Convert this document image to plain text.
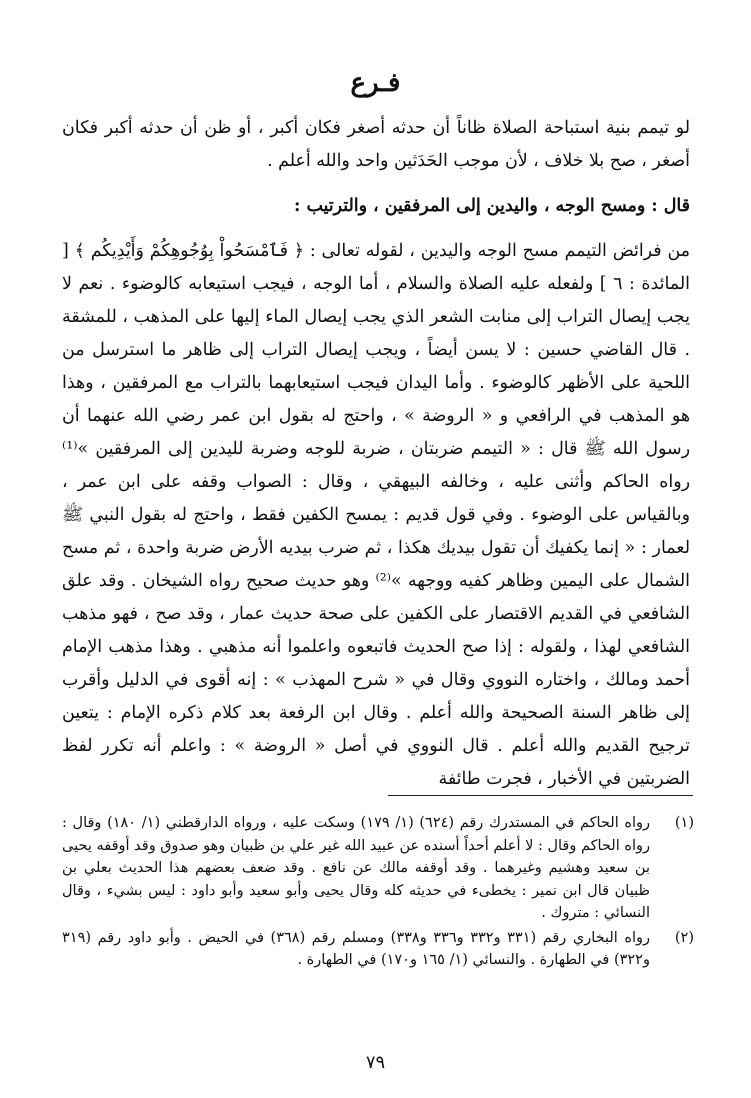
فـرع

لو تيمم بنية استباحة الصلاة ظاناً أن حدثه أصغر فكان أكبر ، أو ظن أن حدثه أكبر فكان أصغر ، صح بلا خلاف ، لأن موجب الحَدَثين واحد والله أعلم .

قال : ومسح الوجه ، واليدين إلى المرفقين ، والترتيب :

من فرائض التيمم مسح الوجه واليدين ، لقوله تعالى : ﴿ فَٱمْسَحُواْ بِوُجُوهِكُمْ وَأَيْدِيكُم ﴾ [ المائدة : ٦ ] ولفعله عليه الصلاة والسلام ، أما الوجه ، فيجب استيعابه كالوضوء . نعم لا يجب إيصال التراب إلى منابت الشعر الذي يجب إيصال الماء إليها على المذهب ، للمشقة . قال القاضي حسين : لا يسن أيضاً ، ويجب إيصال التراب إلى ظاهر ما استرسل من اللحية على الأظهر كالوضوء . وأما اليدان فيجب استيعابهما بالتراب مع المرفقين ، وهذا هو المذهب في الرافعي و « الروضة » ، واحتج له بقول ابن عمر رضي الله عنهما أن رسول الله ﷺ قال : « التيمم ضربتان ، ضربة للوجه وضربة لليدين إلى المرفقين »⁽¹⁾ رواه الحاكم وأثنى عليه ، وخالفه البيهقي ، وقال : الصواب وقفه على ابن عمر ، وبالقياس على الوضوء . وفي قول قديم : يمسح الكفين فقط ، واحتج له بقول النبي ﷺ لعمار : « إنما يكفيك أن تقول بيديك هكذا ، ثم ضرب بيديه الأرض ضربة واحدة ، ثم مسح الشمال على اليمين وظاهر كفيه ووجهه »⁽²⁾ وهو حديث صحيح رواه الشيخان . وقد علق الشافعي في القديم الاقتصار على الكفين على صحة حديث عمار ، وقد صح ، فهو مذهب الشافعي لهذا ، ولقوله : إذا صح الحديث فاتبعوه واعلموا أنه مذهبي . وهذا مذهب الإمام أحمد ومالك ، واختاره النووي وقال في « شرح المهذب » : إنه أقوى في الدليل وأقرب إلى ظاهر السنة الصحيحة والله أعلم . وقال ابن الرفعة بعد كلام ذكره الإمام : يتعين ترجيح القديم والله أعلم . قال النووي في أصل « الروضة » : واعلم أنه تكرر لفظ الضربتين في الأخبار ، فجرت طائفة

(١)
رواه الحاكم في المستدرك رقم (٦٢٤) (١/ ١٧٩) وسكت عليه ، ورواه الدارقطني (١/ ١٨٠) وقال : رواه الحاكم وقال : لا أعلم أحداً أسنده عن عبيد الله غير علي بن ظبيان وهو صدوق وقد أوقفه يحيى بن سعيد وهشيم وغيرهما . وقد أوقفه مالك عن نافع . وقد ضعف بعضهم هذا الحديث بعلي بن ظبيان قال ابن نمير : يخطىء في حديثه كله وقال يحيى وأبو سعيد وأبو داود : ليس بشيء ، وقال النسائي : متروك .
(٢)
رواه البخاري رقم (٣٣١ و٣٣٢ و٣٣٦ و٣٣٨) ومسلم رقم (٣٦٨) في الحيض . وأبو داود رقم (٣١٩ و٣٢٢) في الطهارة . والنسائي (١/ ١٦٥ و١٧٠) في الطهارة .
٧٩
